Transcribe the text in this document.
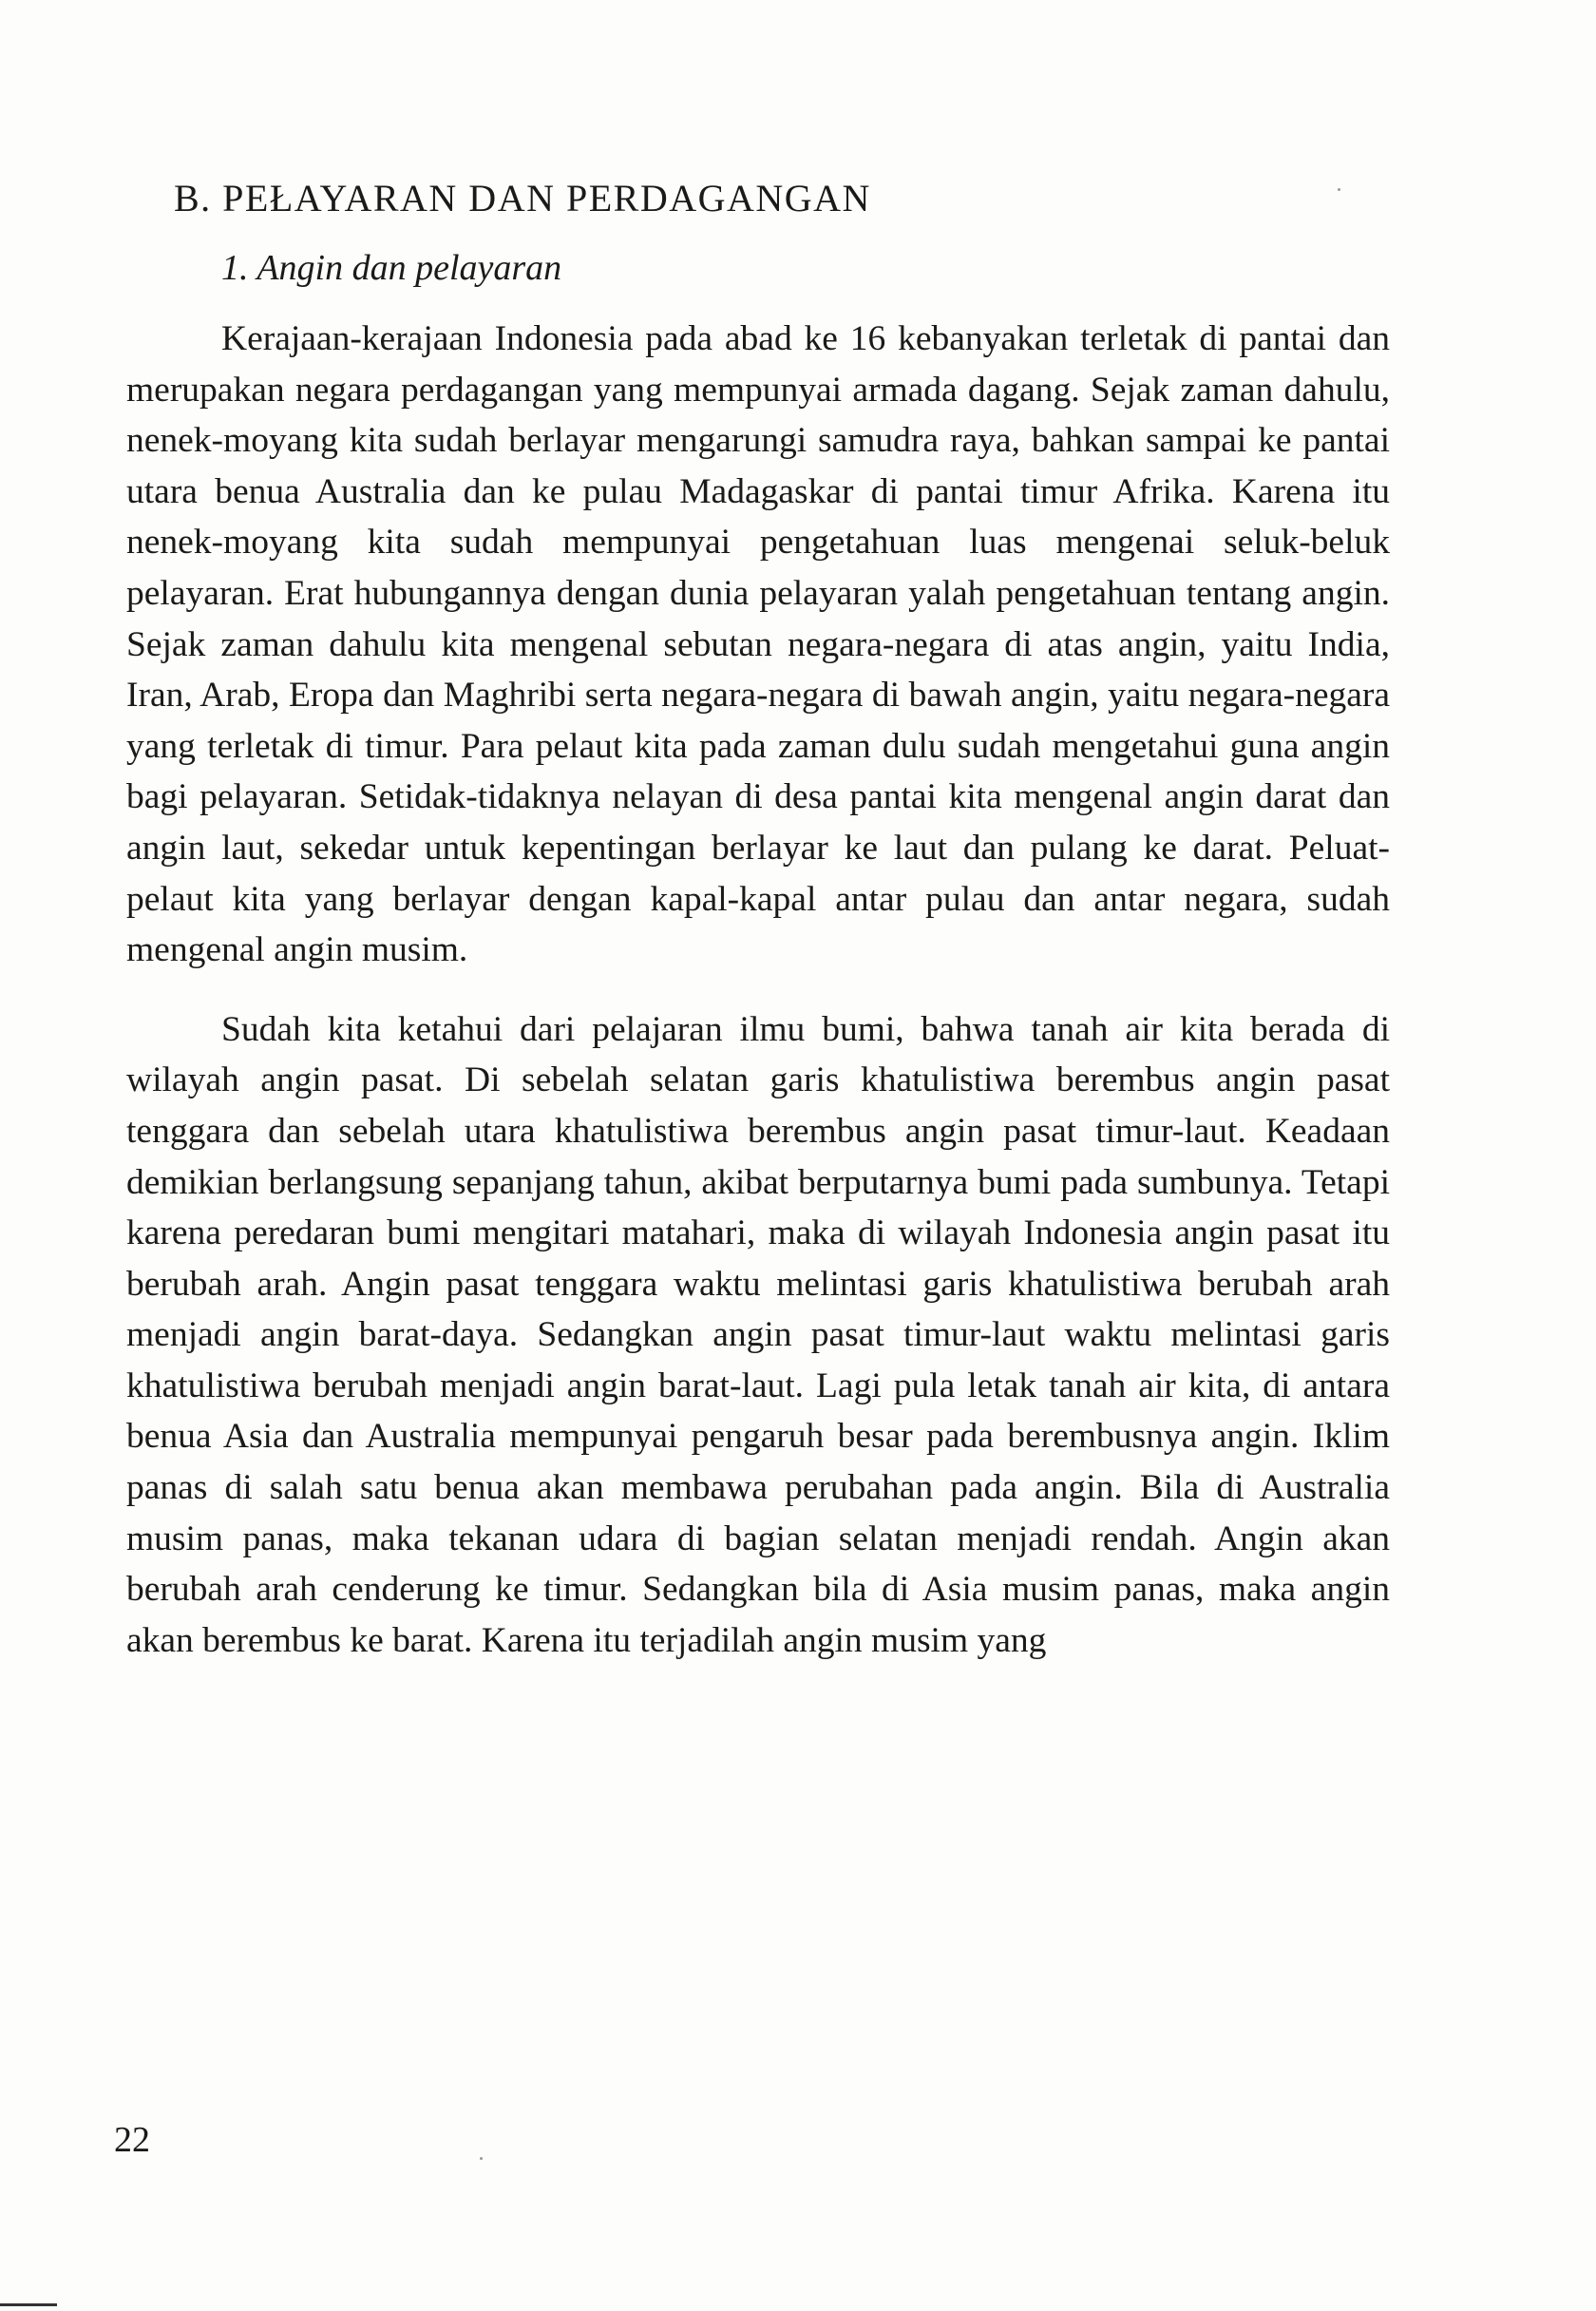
B. PEŁAYARAN DAN PERDAGANGAN
1. Angin dan pelayaran

Kerajaan-kerajaan Indonesia pada abad ke 16 kebanyakan terletak di pantai dan merupakan negara perdagangan yang mempunyai armada dagang. Sejak zaman dahulu, nenek-moyang kita sudah berlayar mengarungi samudra raya, bahkan sampai ke pantai utara benua Australia dan ke pulau Madagaskar di pantai timur Afrika. Karena itu nenek-moyang kita sudah mempunyai pengetahuan luas mengenai seluk-beluk pelayaran. Erat hubungannya dengan dunia pelayaran yalah pengetahuan tentang angin. Sejak zaman dahulu kita mengenal sebutan negara-negara di atas angin, yaitu India, Iran, Arab, Eropa dan Maghribi serta negara-negara di bawah angin, yaitu negara-negara yang terletak di timur. Para pelaut kita pada zaman dulu sudah mengetahui guna angin bagi pelayaran. Setidak-tidaknya nelayan di desa pantai kita mengenal angin darat dan angin laut, sekedar untuk kepentingan berlayar ke laut dan pulang ke darat. Peluat-pelaut kita yang berlayar dengan kapal-kapal antar pulau dan antar negara, sudah mengenal angin musim.

Sudah kita ketahui dari pelajaran ilmu bumi, bahwa tanah air kita berada di wilayah angin pasat. Di sebelah selatan garis khatulistiwa berembus angin pasat tenggara dan sebelah utara khatulistiwa berembus angin pasat timur-laut. Keadaan demikian berlangsung sepanjang tahun, akibat berputarnya bumi pada sumbunya. Tetapi karena peredaran bumi mengitari matahari, maka di wilayah Indonesia angin pasat itu berubah arah. Angin pasat tenggara waktu melintasi garis khatulistiwa berubah arah menjadi angin barat-daya. Sedangkan angin pasat timur-laut waktu melintasi garis khatulistiwa berubah menjadi angin barat-laut. Lagi pula letak tanah air kita, di antara benua Asia dan Australia mempunyai pengaruh besar pada berembusnya angin. Iklim panas di salah satu benua akan membawa perubahan pada angin. Bila di Australia musim panas, maka tekanan udara di bagian selatan menjadi rendah. Angin akan berubah arah cenderung ke timur. Sedangkan bila di Asia musim panas, maka angin akan berembus ke barat. Karena itu terjadilah angin musim yang

22
